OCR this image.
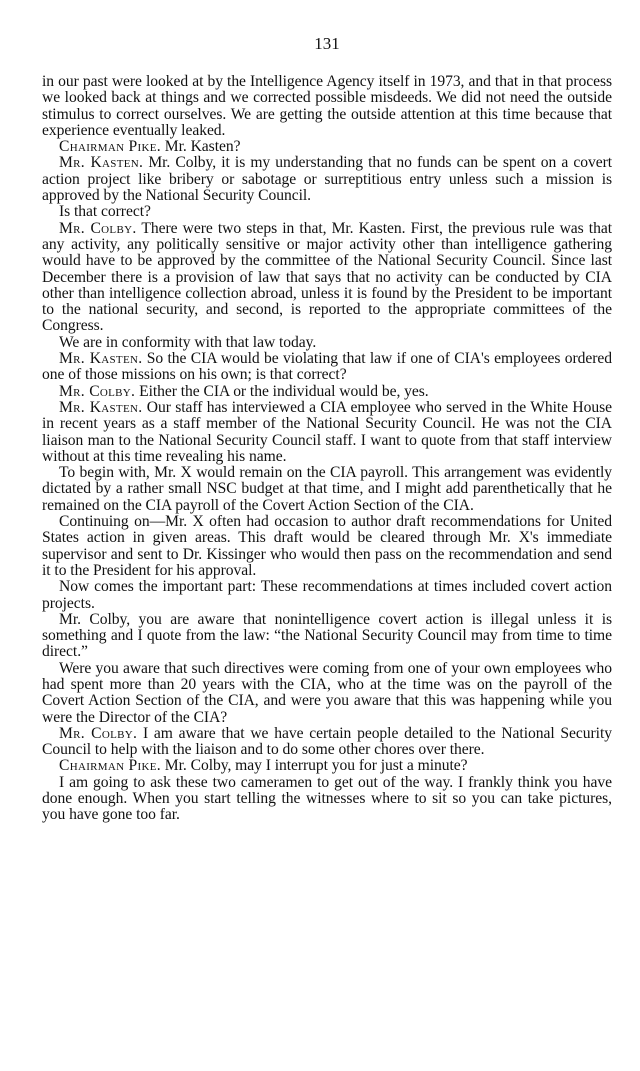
131

in our past were looked at by the Intelligence Agency itself in 1973, and that in that process we looked back at things and we corrected possible misdeeds. We did not need the outside stimulus to correct ourselves. We are getting the outside attention at this time because that experience eventually leaked.

Chairman Pike. Mr. Kasten?

Mr. Kasten. Mr. Colby, it is my understanding that no funds can be spent on a covert action project like bribery or sabotage or surreptitious entry unless such a mission is approved by the National Security Council.

Is that correct?

Mr. Colby. There were two steps in that, Mr. Kasten. First, the previous rule was that any activity, any politically sensitive or major activity other than intelligence gathering would have to be approved by the committee of the National Security Council. Since last December there is a provision of law that says that no activity can be conducted by CIA other than intelligence collection abroad, unless it is found by the President to be important to the national security, and second, is reported to the appropriate committees of the Congress.

We are in conformity with that law today.

Mr. Kasten. So the CIA would be violating that law if one of CIA's employees ordered one of those missions on his own; is that correct?

Mr. Colby. Either the CIA or the individual would be, yes.

Mr. Kasten. Our staff has interviewed a CIA employee who served in the White House in recent years as a staff member of the National Security Council. He was not the CIA liaison man to the National Security Council staff. I want to quote from that staff interview without at this time revealing his name.

To begin with, Mr. X would remain on the CIA payroll. This arrangement was evidently dictated by a rather small NSC budget at that time, and I might add parenthetically that he remained on the CIA payroll of the Covert Action Section of the CIA.

Continuing on—Mr. X often had occasion to author draft recommendations for United States action in given areas. This draft would be cleared through Mr. X's immediate supervisor and sent to Dr. Kissinger who would then pass on the recommendation and send it to the President for his approval.

Now comes the important part: These recommendations at times included covert action projects.

Mr. Colby, you are aware that nonintelligence covert action is illegal unless it is something and I quote from the law: “the National Security Council may from time to time direct.”

Were you aware that such directives were coming from one of your own employees who had spent more than 20 years with the CIA, who at the time was on the payroll of the Covert Action Section of the CIA, and were you aware that this was happening while you were the Director of the CIA?

Mr. Colby. I am aware that we have certain people detailed to the National Security Council to help with the liaison and to do some other chores over there.

Chairman Pike. Mr. Colby, may I interrupt you for just a minute?

I am going to ask these two cameramen to get out of the way. I frankly think you have done enough. When you start telling the witnesses where to sit so you can take pictures, you have gone too far.
